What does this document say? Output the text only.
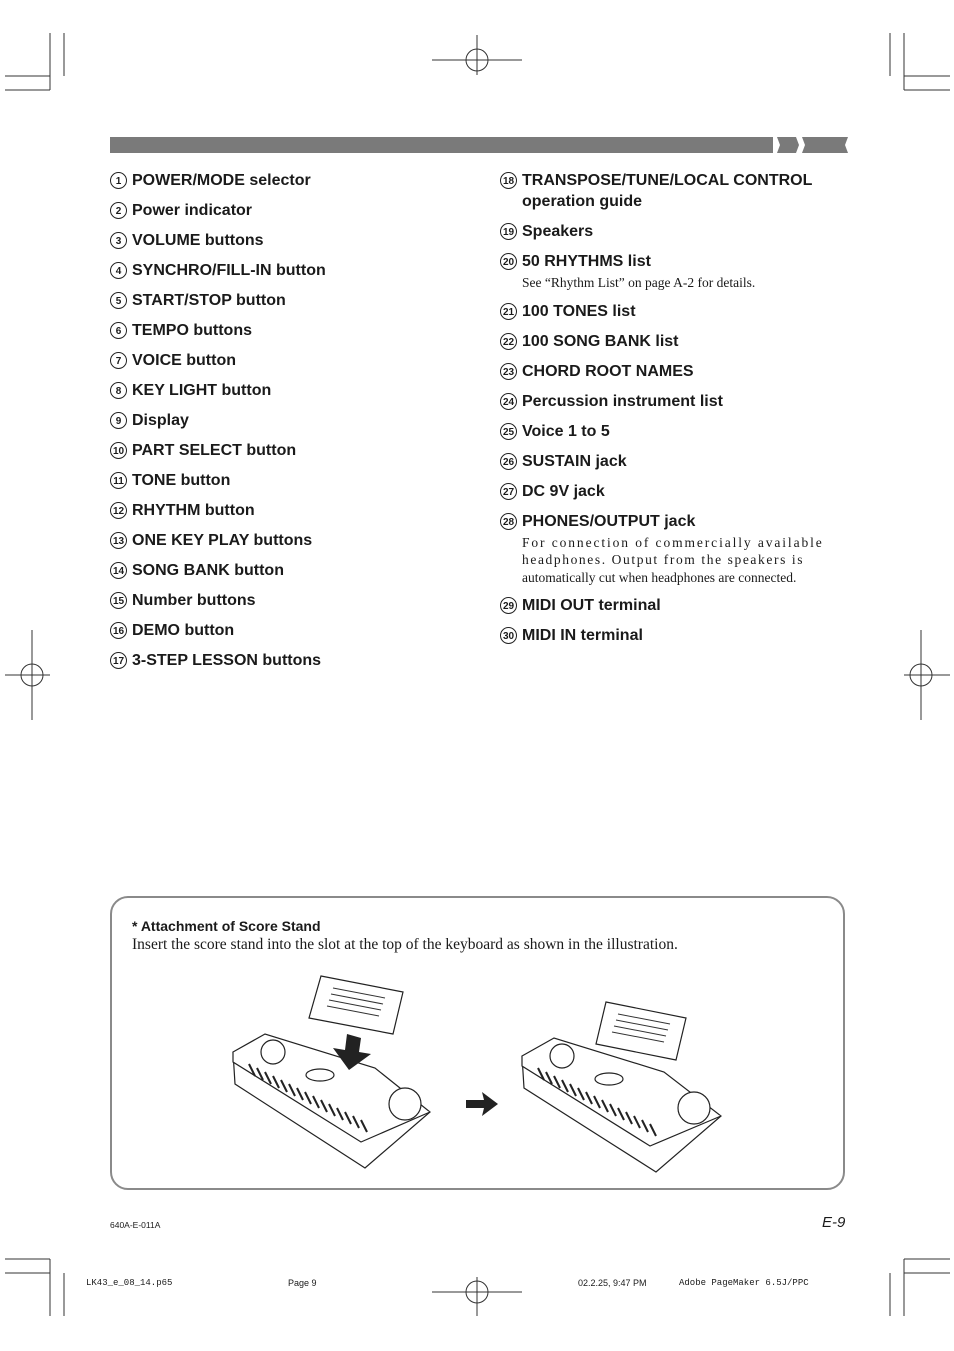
1 POWER/MODE selector
2 Power indicator
3 VOLUME buttons
4 SYNCHRO/FILL-IN button
5 START/STOP button
6 TEMPO buttons
7 VOICE button
8 KEY LIGHT button
9 Display
10 PART SELECT button
11 TONE button
12 RHYTHM button
13 ONE KEY PLAY buttons
14 SONG BANK button
15 Number buttons
16 DEMO button
17 3-STEP LESSON buttons
18 TRANSPOSE/TUNE/LOCAL CONTROL operation guide
19 Speakers
20 50 RHYTHMS list
See “Rhythm List” on page A-2 for details.
21 100 TONES list
22 100 SONG BANK list
23 CHORD ROOT NAMES
24 Percussion instrument list
25 Voice 1 to 5
26 SUSTAIN jack
27 DC 9V jack
28 PHONES/OUTPUT jack
For connection of commercially available
headphones. Output from the speakers is
automatically cut when headphones are connected.
29 MIDI OUT terminal
30 MIDI IN terminal
* Attachment of Score Stand
Insert the score stand into the slot at the top of the keyboard as shown in the illustration.
640A-E-011A	E-9
LK43_e_08_14.p65	Page 9	02.2.25, 9:47 PM	Adobe PageMaker 6.5J/PPC
